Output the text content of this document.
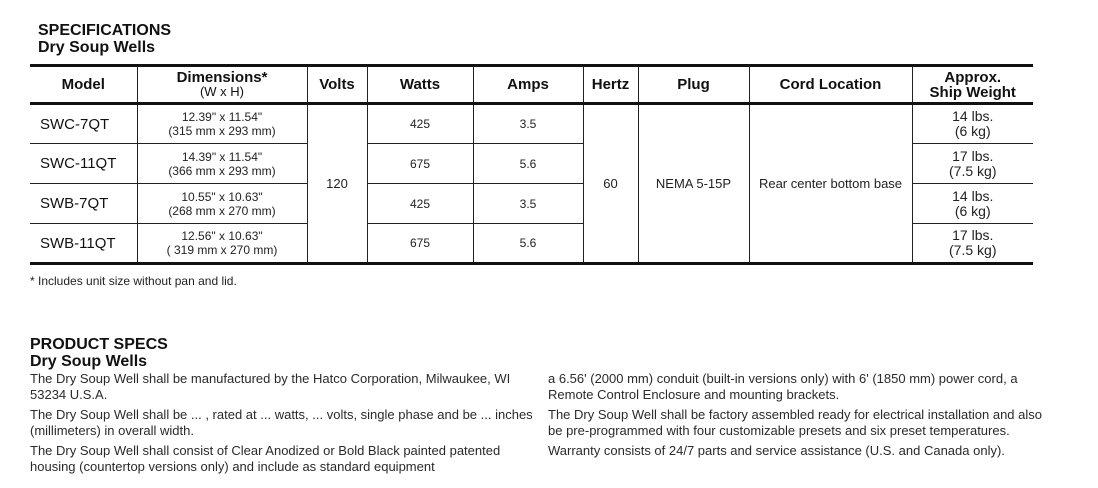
SPECIFICATIONS
Dry Soup Wells
Model	Dimensions*
(W x H)	Volts	Watts	Amps	Hertz	Plug	Cord Location	Approx.
Ship Weight

SWC-7QT	12.39" x 11.54"
(315 mm x 293 mm)	120	425	3.5	60	NEMA 5-15P	Rear center bottom base	14 lbs.
(6 kg)

SWC-11QT	14.39" x 11.54"
(366 mm x 293 mm)		675	5.6				17 lbs.
(7.5 kg)

SWB-7QT	10.55" x 10.63"
(268 mm x 270 mm)		425	3.5				14 lbs.
(6 kg)

SWB-11QT	12.56" x 10.63"
( 319 mm x 270 mm)		675	5.6				17 lbs.
(7.5 kg)
* Includes unit size without pan and lid.
PRODUCT SPECS
Dry Soup Wells

The Dry Soup Well shall be manufactured by the Hatco Corporation, Milwaukee, WI 53234 U.S.A.

The Dry Soup Well shall be ... , rated at ... watts, ... volts, single phase and be ... inches (millimeters) in overall width.

The Dry Soup Well shall consist of Clear Anodized or Bold Black painted patented housing (countertop versions only) and include as standard equipment

a 6.56' (2000 mm) conduit (built-in versions only) with 6' (1850 mm) power cord, a Remote Control Enclosure and mounting brackets.

The Dry Soup Well shall be factory assembled ready for electrical installation and also be pre-programmed with four customizable presets and six preset temperatures.

Warranty consists of 24/7 parts and service assistance (U.S. and Canada only).
